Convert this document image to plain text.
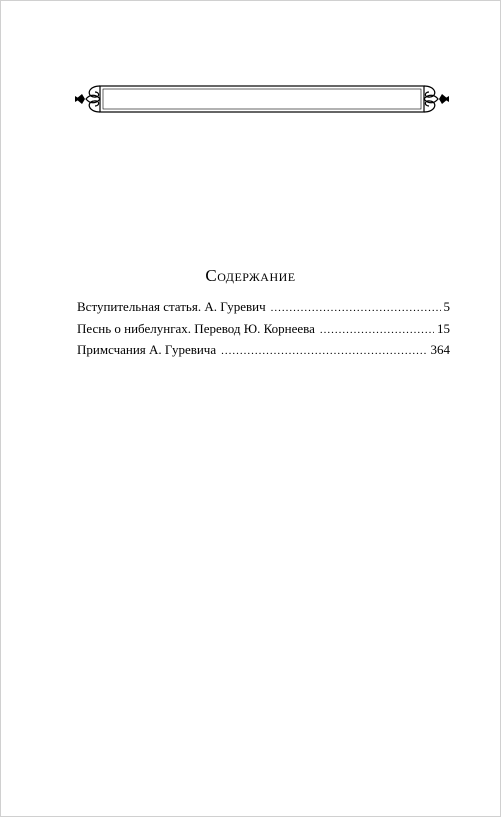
Содержание
Вступительная статья. А. Гуревич .....	5
Песнь о нибелунгах. Перевод Ю. Корнеева .....	15
Примсчания А. Гуревича .....	364
